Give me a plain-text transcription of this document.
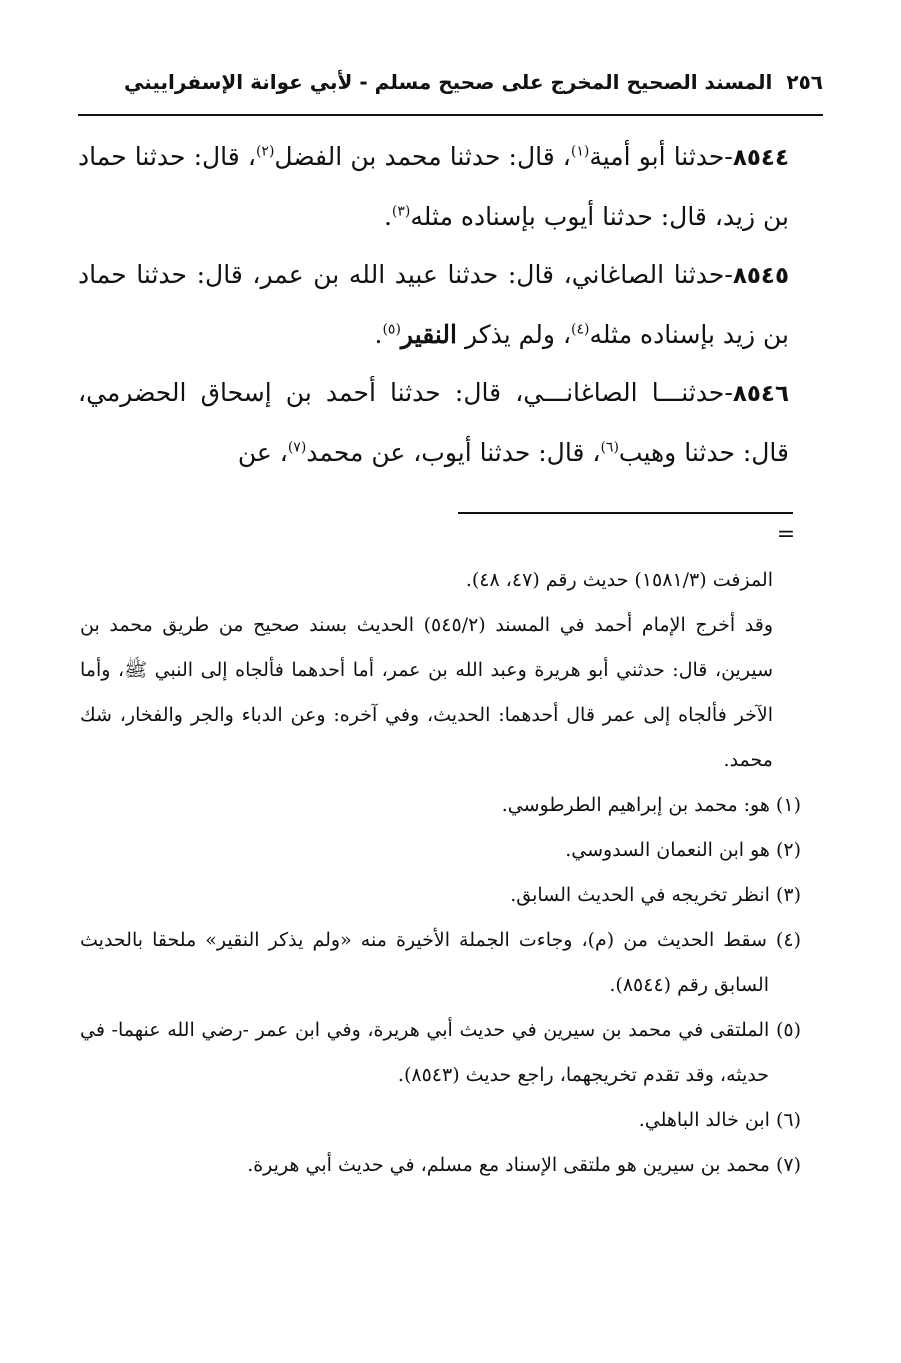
٢٥٦
المسند الصحيح المخرج على صحيح مسلم - لأبي عوانة الإسفراييني

٨٥٤٤-حدثنا أبو أمية$^{(١)}$، قال: حدثنا محمد بن الفضل$^{(٢)}$، قال: حدثنا حماد بن زيد، قال: حدثنا أيوب بإسناده مثله$^{(٣)}$.

٨٥٤٥-حدثنا الصاغاني، قال: حدثنا عبيد الله بن عمر، قال: حدثنا حماد بن زيد بإسناده مثله$^{(٤)}$، ولم يذكر النقير$^{(٥)}$.

٨٥٤٦-حدثنـــا الصاغانـــي، قال: حدثنا أحمد بن إسحاق الحضرمي، قال: حدثنا وهيب$^{(٦)}$، قال: حدثنا أيوب، عن محمد$^{(٧)}$، عن

=

المزفت (١٥٨١/٣) حديث رقم (٤٧، ٤٨).

وقد أخرج الإمام أحمد في المسند (٥٤٥/٢) الحديث بسند صحيح من طريق محمد بن سيرين، قال: حدثني أبو هريرة وعبد الله بن عمر، أما أحدهما فألجاه إلى النبي ﷺ، وأما الآخر فألجاه إلى عمر قال أحدهما: الحديث، وفي آخره: وعن الدباء والجر والفخار، شك محمد.

(١) هو: محمد بن إبراهيم الطرطوسي.

(٢) هو ابن النعمان السدوسي.

(٣) انظر تخريجه في الحديث السابق.

(٤) سقط الحديث من (م)، وجاءت الجملة الأخيرة منه «ولم يذكر النقير» ملحقا بالحديث السابق رقم (٨٥٤٤).

(٥) الملتقى في محمد بن سيرين في حديث أبي هريرة، وفي ابن عمر -رضي الله عنهما- في حديثه، وقد تقدم تخريجهما، راجع حديث (٨٥٤٣).

(٦) ابن خالد الباهلي.

(٧) محمد بن سيرين هو ملتقى الإسناد مع مسلم، في حديث أبي هريرة.
